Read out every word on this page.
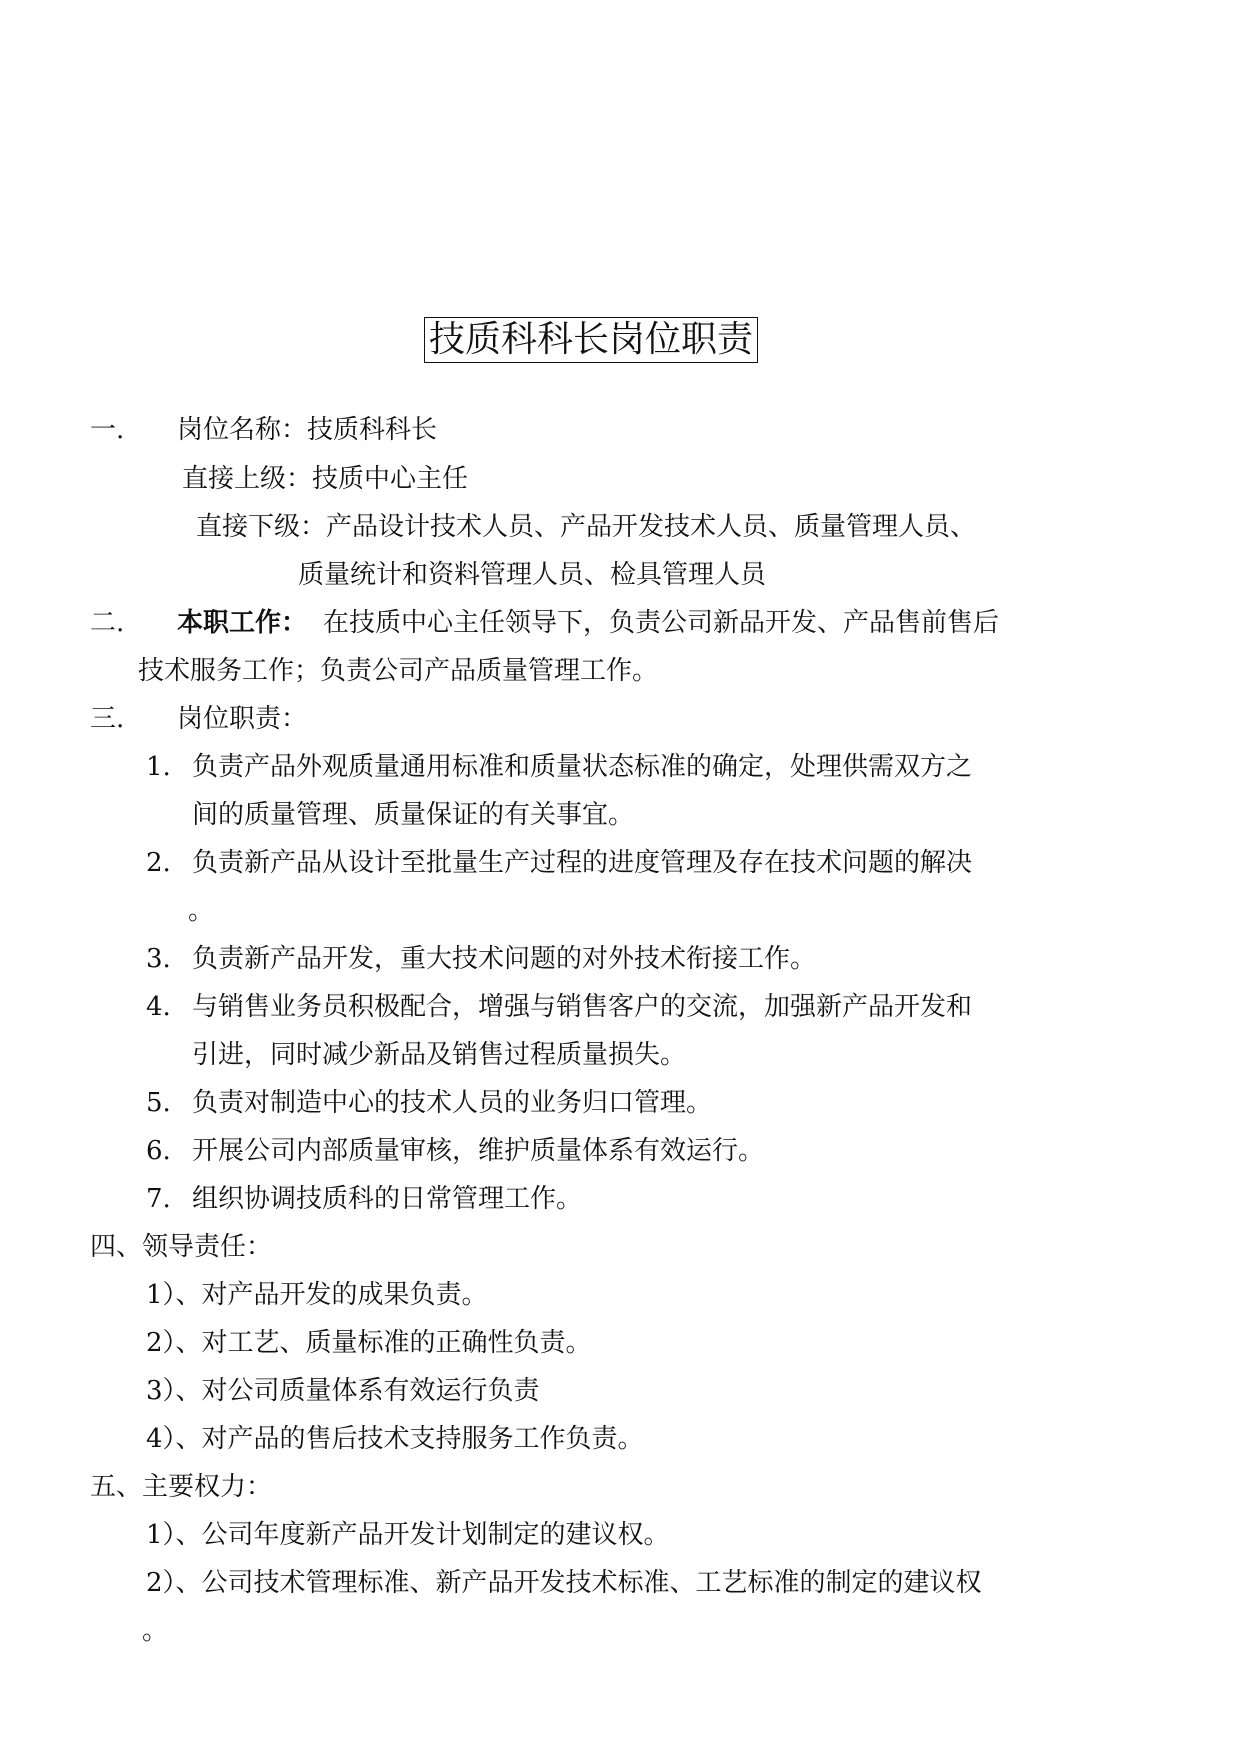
技质科科长岗位职责
一. 岗位名称：技质科科长
直接上级：技质中心主任
直接下级：产品设计技术人员、产品开发技术人员、质量管理人员、
质量统计和资料管理人员、检具管理人员
二. 本职工作： 在技质中心主任领导下，负责公司新品开发、产品售前售后
技术服务工作；负责公司产品质量管理工作。
三. 岗位职责：
1. 负责产品外观质量通用标准和质量状态标准的确定，处理供需双方之
间的质量管理、质量保证的有关事宜。
2. 负责新产品从设计至批量生产过程的进度管理及存在技术问题的解决
。
3. 负责新产品开发，重大技术问题的对外技术衔接工作。
4. 与销售业务员积极配合，增强与销售客户的交流，加强新产品开发和
引进，同时减少新品及销售过程质量损失。
5. 负责对制造中心的技术人员的业务归口管理。
6. 开展公司内部质量审核，维护质量体系有效运行。
7. 组织协调技质科的日常管理工作。
四、领导责任：
1）、对产品开发的成果负责。
2）、对工艺、质量标准的正确性负责。
3）、对公司质量体系有效运行负责
4）、对产品的售后技术支持服务工作负责。
五、主要权力：
1）、公司年度新产品开发计划制定的建议权。
2）、公司技术管理标准、新产品开发技术标准、工艺标准的制定的建议权
。
